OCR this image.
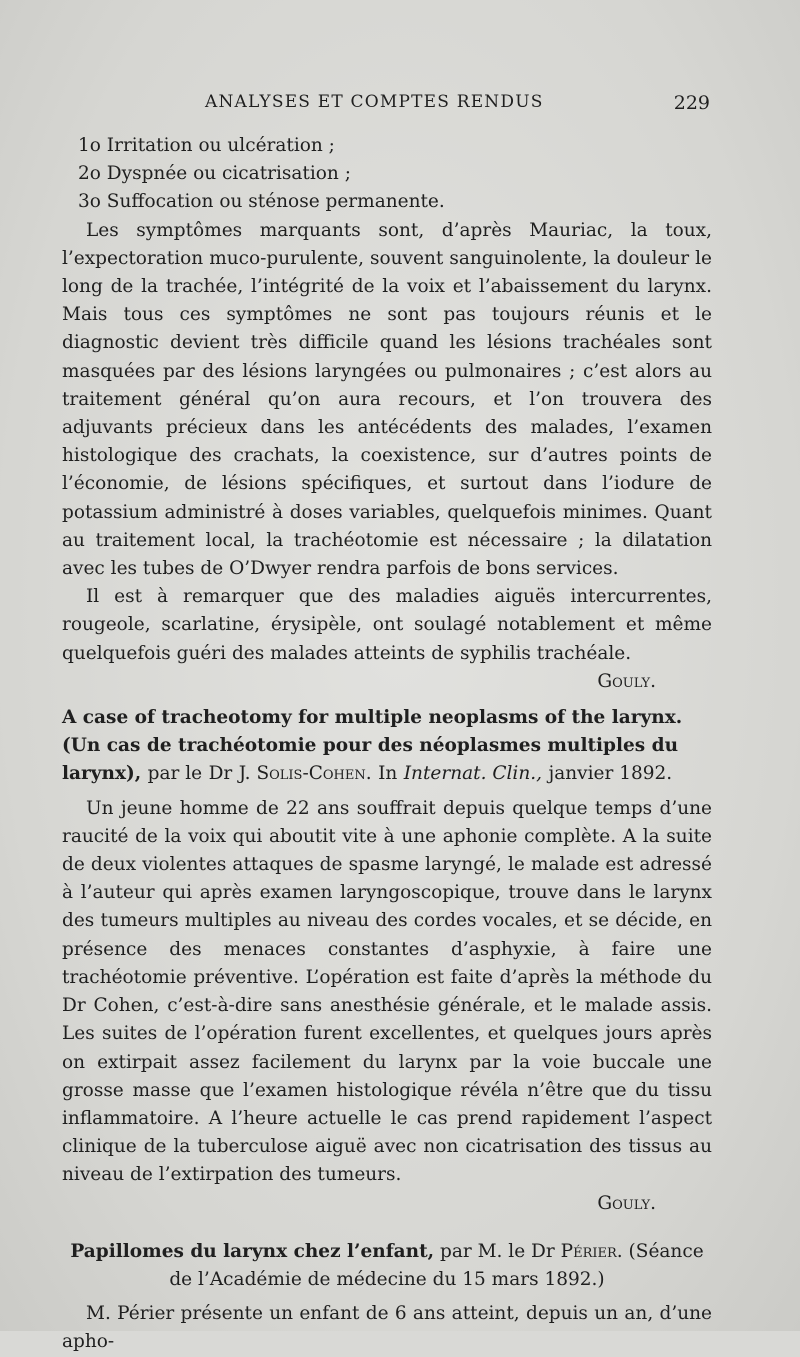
ANALYSES ET COMPTES RENDUS	229
1o Irritation ou ulcération ;
2o Dyspnée ou cicatrisation ;
3o Suffocation ou sténose permanente.

Les symptômes marquants sont, d’après Mauriac, la toux, l’expectoration muco-purulente, souvent sanguinolente, la douleur le long de la trachée, l’intégrité de la voix et l’abaissement du larynx. Mais tous ces symptômes ne sont pas toujours réunis et le diagnostic devient très difficile quand les lésions trachéales sont masquées par des lésions laryngées ou pulmonaires ; c’est alors au traitement général qu’on aura recours, et l’on trouvera des adjuvants précieux dans les antécédents des malades, l’examen histologique des crachats, la coexistence, sur d’autres points de l’économie, de lésions spécifiques, et surtout dans l’iodure de potassium administré à doses variables, quelquefois minimes. Quant au traitement local, la trachéotomie est nécessaire ; la dilatation avec les tubes de O’Dwyer rendra parfois de bons services.

Il est à remarquer que des maladies aiguës intercurrentes, rougeole, scarlatine, érysipèle, ont soulagé notablement et même quelquefois guéri des malades atteints de syphilis trachéale.

Gouly.
A case of tracheotomy for multiple neoplasms of the larynx. (Un cas de trachéotomie pour des néoplasmes multiples du larynx), par le Dr J. Solis-Cohen. In Internat. Clin., janvier 1892.

Un jeune homme de 22 ans souffrait depuis quelque temps d’une raucité de la voix qui aboutit vite à une aphonie complète. A la suite de deux violentes attaques de spasme laryngé, le malade est adressé à l’auteur qui après examen laryngoscopique, trouve dans le larynx des tumeurs multiples au niveau des cordes vocales, et se décide, en présence des menaces constantes d’asphyxie, à faire une trachéotomie préventive. L’opération est faite d’après la méthode du Dr Cohen, c’est-à-dire sans anesthésie générale, et le malade assis. Les suites de l’opération furent excellentes, et quelques jours après on extirpait assez facilement du larynx par la voie buccale une grosse masse que l’examen histologique révéla n’être que du tissu inflammatoire. A l’heure actuelle le cas prend rapidement l’aspect clinique de la tuberculose aiguë avec non cicatrisation des tissus au niveau de l’extirpation des tumeurs.

Gouly.
Papillomes du larynx chez l’enfant, par M. le Dr Périer. (Séance de l’Académie de médecine du 15 mars 1892.)

M. Périer présente un enfant de 6 ans atteint, depuis un an, d’une apho-
